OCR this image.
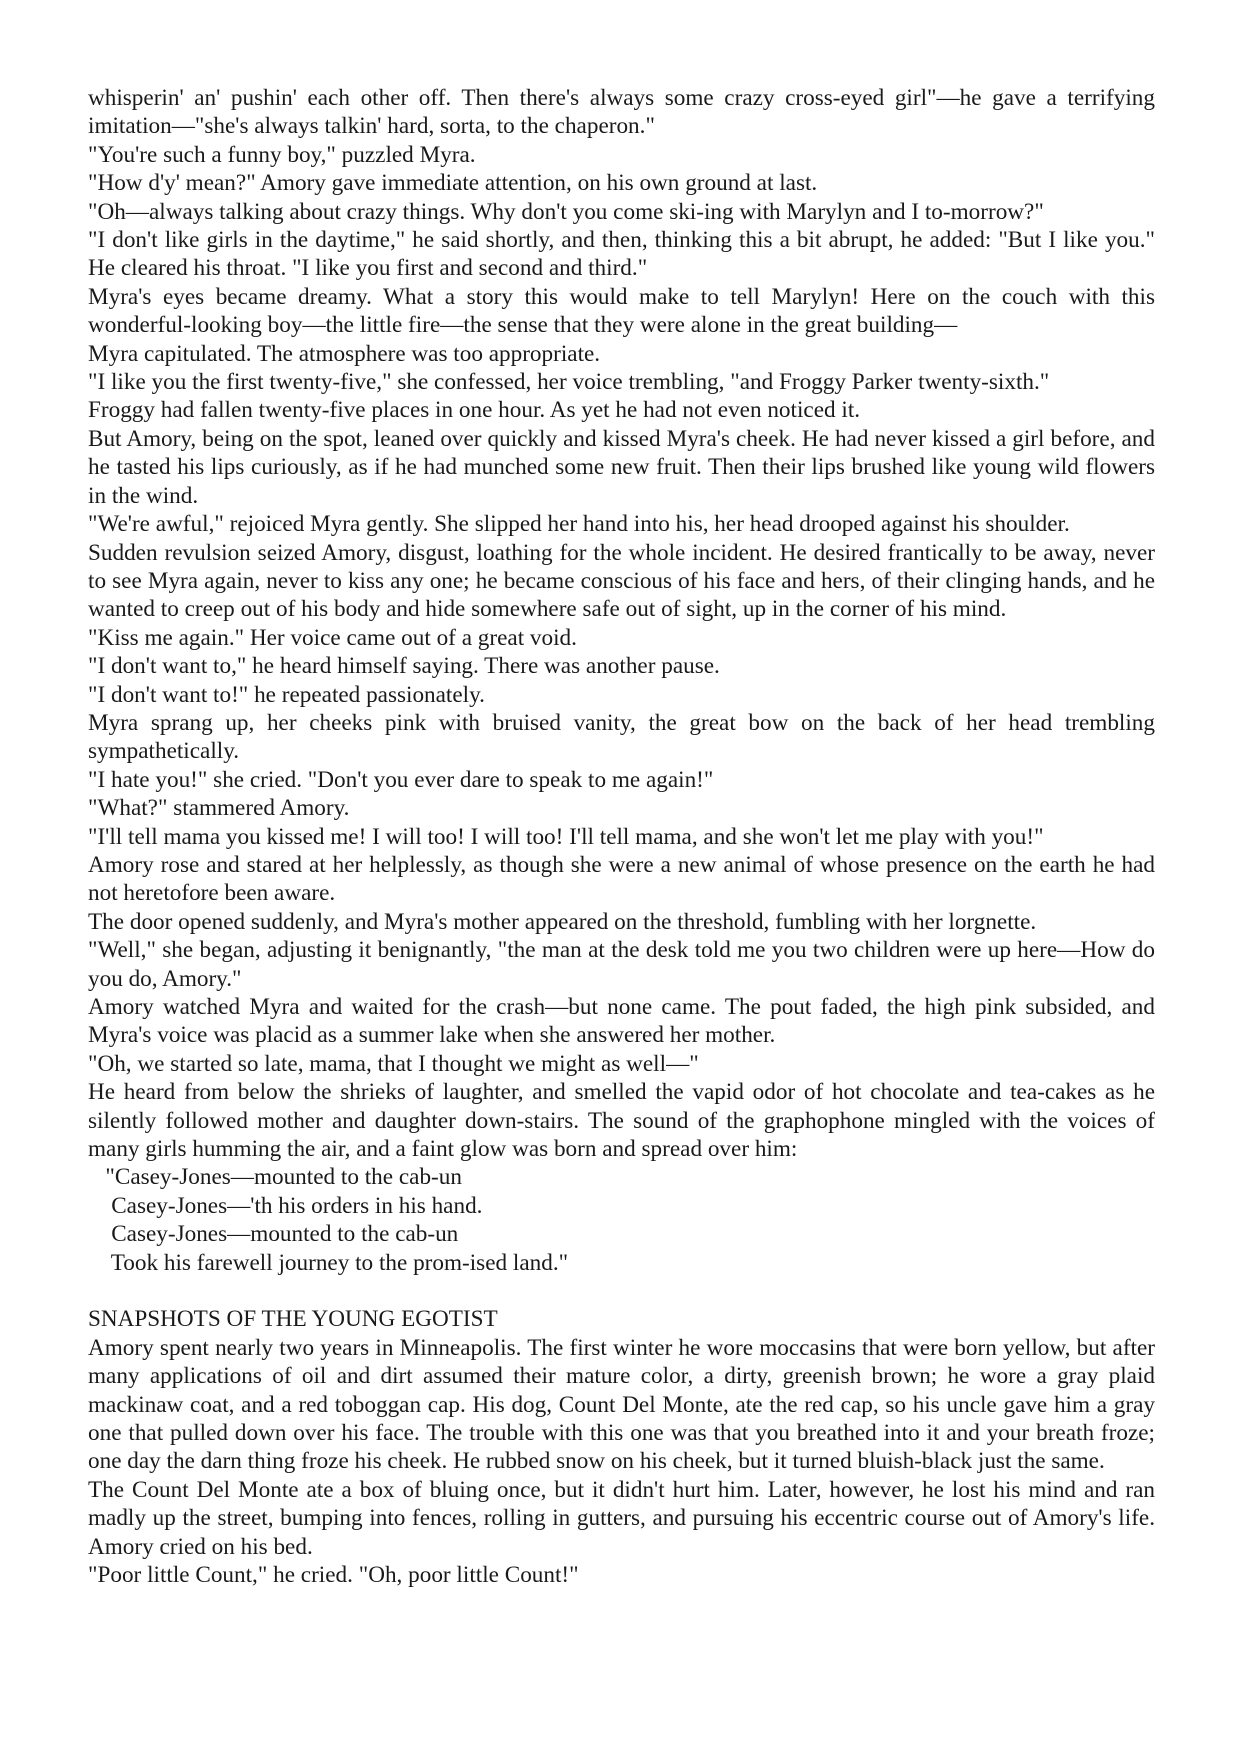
whisperin' an' pushin' each other off. Then there's always some crazy cross-eyed girl"—he gave a terrifying imitation—"she's always talkin' hard, sorta, to the chaperon."

"You're such a funny boy," puzzled Myra.

"How d'y' mean?" Amory gave immediate attention, on his own ground at last.

"Oh—always talking about crazy things. Why don't you come ski-ing with Marylyn and I to-morrow?"

"I don't like girls in the daytime," he said shortly, and then, thinking this a bit abrupt, he added: "But I like you." He cleared his throat. "I like you first and second and third."

Myra's eyes became dreamy. What a story this would make to tell Marylyn! Here on the couch with this wonderful-looking boy—the little fire—the sense that they were alone in the great building—

Myra capitulated. The atmosphere was too appropriate.

"I like you the first twenty-five," she confessed, her voice trembling, "and Froggy Parker twenty-sixth."

Froggy had fallen twenty-five places in one hour. As yet he had not even noticed it.

But Amory, being on the spot, leaned over quickly and kissed Myra's cheek. He had never kissed a girl before, and he tasted his lips curiously, as if he had munched some new fruit. Then their lips brushed like young wild flowers in the wind.

"We're awful," rejoiced Myra gently. She slipped her hand into his, her head drooped against his shoulder.

Sudden revulsion seized Amory, disgust, loathing for the whole incident. He desired frantically to be away, never to see Myra again, never to kiss any one; he became conscious of his face and hers, of their clinging hands, and he wanted to creep out of his body and hide somewhere safe out of sight, up in the corner of his mind.

"Kiss me again." Her voice came out of a great void.

"I don't want to," he heard himself saying. There was another pause.

"I don't want to!" he repeated passionately.

Myra sprang up, her cheeks pink with bruised vanity, the great bow on the back of her head trembling sympathetically.

"I hate you!" she cried. "Don't you ever dare to speak to me again!"

"What?" stammered Amory.

"I'll tell mama you kissed me! I will too! I will too! I'll tell mama, and she won't let me play with you!"

Amory rose and stared at her helplessly, as though she were a new animal of whose presence on the earth he had not heretofore been aware.

The door opened suddenly, and Myra's mother appeared on the threshold, fumbling with her lorgnette.

"Well," she began, adjusting it benignantly, "the man at the desk told me you two children were up here—How do you do, Amory."

Amory watched Myra and waited for the crash—but none came. The pout faded, the high pink subsided, and Myra's voice was placid as a summer lake when she answered her mother.

"Oh, we started so late, mama, that I thought we might as well—"

He heard from below the shrieks of laughter, and smelled the vapid odor of hot chocolate and tea-cakes as he silently followed mother and daughter down-stairs. The sound of the graphophone mingled with the voices of many girls humming the air, and a faint glow was born and spread over him:

"Casey-Jones—mounted to the cab-un
Casey-Jones—'th his orders in his hand.
Casey-Jones—mounted to the cab-un
Took his farewell journey to the prom-ised land."
SNAPSHOTS OF THE YOUNG EGOTIST

Amory spent nearly two years in Minneapolis. The first winter he wore moccasins that were born yellow, but after many applications of oil and dirt assumed their mature color, a dirty, greenish brown; he wore a gray plaid mackinaw coat, and a red toboggan cap. His dog, Count Del Monte, ate the red cap, so his uncle gave him a gray one that pulled down over his face. The trouble with this one was that you breathed into it and your breath froze; one day the darn thing froze his cheek. He rubbed snow on his cheek, but it turned bluish-black just the same.

The Count Del Monte ate a box of bluing once, but it didn't hurt him. Later, however, he lost his mind and ran madly up the street, bumping into fences, rolling in gutters, and pursuing his eccentric course out of Amory's life. Amory cried on his bed.

"Poor little Count," he cried. "Oh, poor little Count!"
